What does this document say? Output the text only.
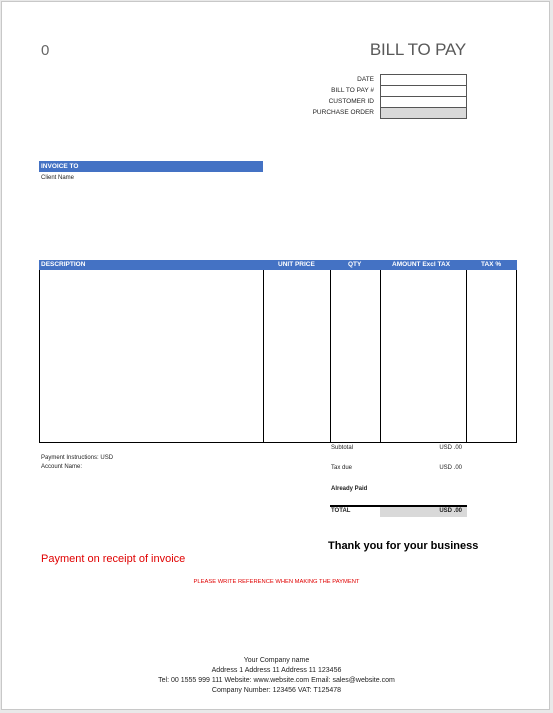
0	BILL TO PAY
DATE
BILL TO PAY #
CUSTOMER ID
PURCHASE ORDER
INVOICE TO
Client Name
DESCRIPTION	UNIT PRICE	QTY	AMOUNT Excl TAX	TAX %
Payment Instructions: USD
Account Name:
Subtotal	USD .00
Tax due	USD .00
Already Paid
TOTAL	USD .00
Thank you for your business
Payment on receipt of invoice
PLEASE WRITE REFERENCE WHEN MAKING THE PAYMENT
Your Company name
Address 1 Address 11 Address 11 123456
Tel: 00 1555 999 111 Website: www.website.com Email: sales@website.com
Company Number: 123456 VAT: T125478
